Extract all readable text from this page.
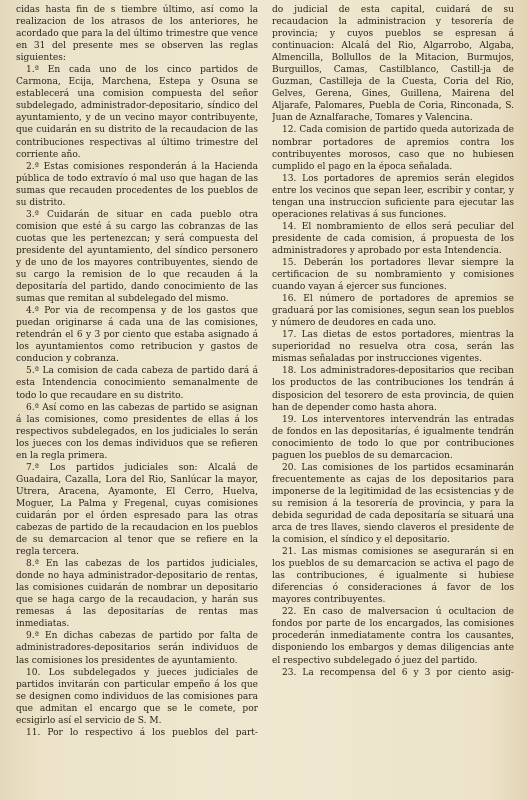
cidas hasta fin de s tiembre último, así como la realizacion de los atrasos de los anteriores, he acordado que para la del último trimestre que vence en 31 del presente mes se observen las reglas siguientes:

1.ª En cada uno de los cinco partidos de Carmona, Ecija, Marchena, Estepa y Osuna se establecerá una comision compuesta del señor subdelegado, administrador-depositario, síndico del ayuntamiento, y de un vecino mayor contribuyente, que cuidarán en su distrito de la recaudacion de las contribuciones respectivas al último trimestre del corriente año.

2.ª Estas comisiones responderán á la Hacienda pública de todo extravío ó mal uso que hagan de las sumas que recauden procedentes de los pueblos de su distrito.

3.ª Cuidarán de situar en cada pueblo otra comision que esté á su cargo las cobranzas de las cuotas que les pertenezcan; y será compuesta del presidente del ayuntamiento, del síndico personero y de uno de los mayores contribuyentes, siendo de su cargo la remision de lo que recauden á la depositaría del partido, dando conocimiento de las sumas que remitan al subdelegado del mismo.

4.ª Por via de recompensa y de los gastos que puedan originarse á cada una de las comisiones, retendrán el 6 y 3 por ciento que estaba asignado á los ayuntamientos como retribucion y gastos de conducion y cobranza.

5.ª La comision de cada cabeza de partido dará á esta Intendencia conocimiento semanalmente de todo lo que recaudare en su distrito.

6.ª Así como en las cabezas de partido se asignan á las comisiones, como presidentes de ellas á los respectivos subdelegados, en los judiciales lo serán los jueces con los demas individuos que se refieren en la regla primera.

7.ª Los partidos judiciales son: Alcalá de Guadaira, Cazalla, Lora del Rio, Sanlúcar la mayor, Utrera, Aracena, Ayamonte, El Cerro, Huelva, Moguer, La Palma y Fregenal, cuyas comisiones cuidarán por el órden espresado para las otras cabezas de partido de la recaudacion en los pueblos de su demarcacion al tenor que se refiere en la regla tercera.

8.ª En las cabezas de los partidos judiciales, donde no haya administrador-depositario de rentas, las comisiones cuidarán de nombrar un depositario que se haga cargo de la recaudacion, y harán sus remesas á las depositarías de rentas mas inmediatas.

9.ª En dichas cabezas de partido por falta de administradores-depositarios serán individuos de las comisiones los presidentes de ayuntamiento.

10. Los subdelegados y jueces judiciales de partidos invitarán con particular empeño á los que se designen como individuos de las comisiones para que admitan el encargo que se le comete, por ecsigirlo así el servicio de S. M.

11. Por lo respectivo á los pueblos del part-

do judicial de esta capital, cuidará de su recaudacion la administracion y tesorería de provincia; y cuyos pueblos se espresan á continuacion: Alcalá del Rio, Algarrobo, Algaba, Almencilla, Bollullos de la Mitacion, Burmujos, Burguillos, Camas, Castilblanco, Castill-ja de Guzman, Castilleja de la Cuesta, Coria del Rio, Gelves, Gerena, Gines, Guillena, Mairena del Aljarafe, Palomares, Puebla de Coria, Rinconada, S. Juan de Aznalfarache, Tomares y Valencina.

12. Cada comision de partido queda autorizada de nombrar portadores de apremios contra los contribuyentes morosos, caso que no hubiesen cumplido el pago en la época señalada.

13. Los portadores de apremios serán elegidos entre los vecinos que sepan leer, escribir y contar, y tengan una instruccion suficiente para ejecutar las operaciones relativas á sus funciones.

14. El nombramiento de ellos será peculiar del presidente de cada comision, á propuesta de los administradores y aprobado por esta Intendencia.

15. Deberán los portadores llevar siempre la certificacion de su nombramiento y comisiones cuando vayan á ejercer sus funciones.

16. El número de portadores de apremios se graduará por las comisiones, segun sean los pueblos y número de deudores en cada uno.

17. Las dietas de estos portadores, mientras la superioridad no resuelva otra cosa, serán las mismas señaladas por instrucciones vigentes.

18. Los administradores-depositarios que reciban los productos de las contribuciones los tendrán á disposicion del tesorero de esta provincia, de quien han de depender como hasta ahora.

19. Los interventores intervendrán las entradas de fondos en las depositarías, é igualmente tendrán conocimiento de todo lo que por contribuciones paguen los pueblos de su demarcacion.

20. Las comisiones de los partidos ecsaminarán frecuentemente as cajas de los depositarios para imponerse de la legitimidad de las ecsistencias y de su remision á la tesorería de provincia, y para la debida seguridad de cada depositaría se situará una arca de tres llaves, siendo claveros el presidente de la comision, el síndico y el depositario.

21. Las mismas comisiones se asegurarán si en los pueblos de su demarcacion se activa el pago de las contribuciones, é igualmente si hubiese diferencias ó consideraciones á favor de los mayores contribuyentes.

22. En caso de malversacion ú ocultacion de fondos por parte de los encargados, las comisiones procederán inmediatamente contra los causantes, disponiendo los embargos y demas diligencias ante el respectivo subdelegado ó juez del partido.

23. La recompensa del 6 y 3 por ciento asig-
